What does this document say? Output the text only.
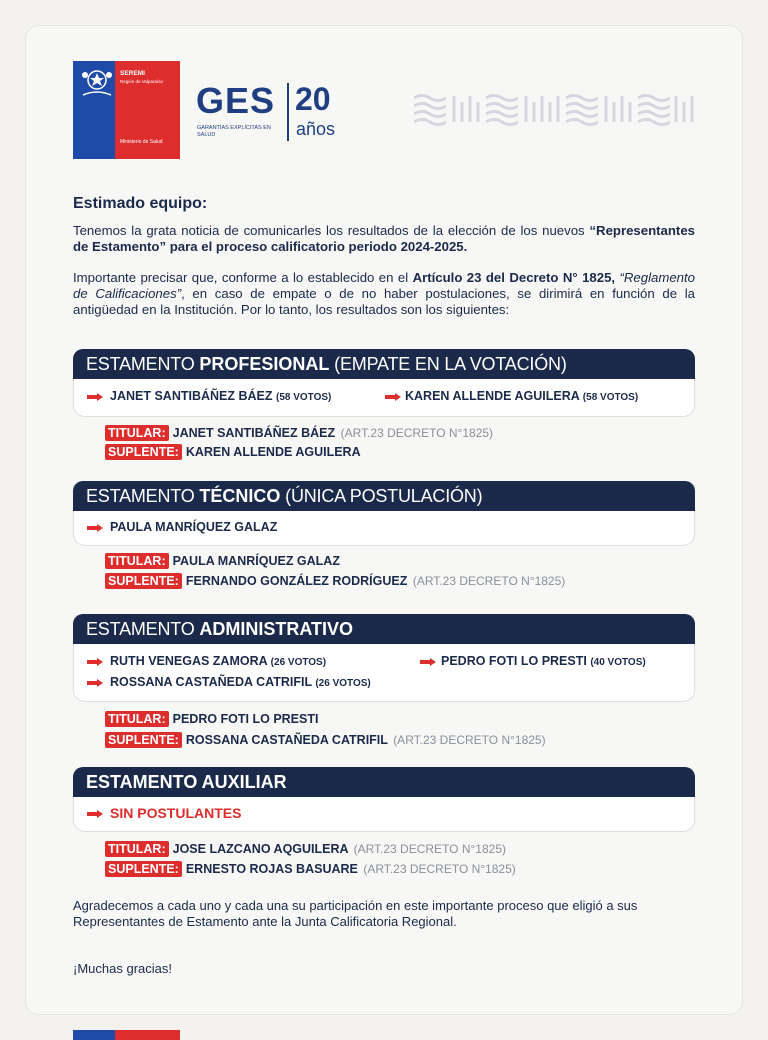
SEREMI
Región de Valparaíso
Ministerio de Salud
GES
GARANTÍAS EXPLÍCITAS EN SALUD
20
años
Estimado equipo:
Tenemos la grata noticia de comunicarles los resultados de la elección de los nuevos “Representantes de Estamento” para el proceso calificatorio periodo 2024-2025.
Importante precisar que, conforme a lo establecido en el Artículo 23 del Decreto N° 1825, “Reglamento de Calificaciones”, en caso de empate o de no haber postulaciones, se dirimirá en función de la antigüedad en la Institución. Por lo tanto, los resultados son los siguientes:
ESTAMENTO PROFESIONAL (EMPATE EN LA VOTACIÓN)
JANET SANTIBÁÑEZ BÁEZ (58 VOTOS)	KAREN ALLENDE AGUILERA (58 VOTOS)
TITULAR: JANET SANTIBÁÑEZ BÁEZ (ART.23 DECRETO N°1825)
SUPLENTE: KAREN ALLENDE AGUILERA
ESTAMENTO TÉCNICO (ÚNICA POSTULACIÓN)
PAULA MANRÍQUEZ GALAZ
TITULAR: PAULA MANRÍQUEZ GALAZ
SUPLENTE: FERNANDO GONZÁLEZ RODRÍGUEZ (ART.23 DECRETO N°1825)
ESTAMENTO ADMINISTRATIVO
RUTH VENEGAS ZAMORA (26 VOTOS)	PEDRO FOTI LO PRESTI (40 VOTOS)
ROSSANA CASTAÑEDA CATRIFIL (26 VOTOS)
TITULAR: PEDRO FOTI LO PRESTI
SUPLENTE: ROSSANA CASTAÑEDA CATRIFIL (ART.23 DECRETO N°1825)
ESTAMENTO AUXILIAR
SIN POSTULANTES
TITULAR: JOSE LAZCANO AQGUILERA (ART.23 DECRETO N°1825)
SUPLENTE: ERNESTO ROJAS BASUARE (ART.23 DECRETO N°1825)
Agradecemos a cada uno y cada una su participación en este importante proceso que eligió a sus Representantes de Estamento ante la Junta Calificatoria Regional.
¡Muchas gracias!
